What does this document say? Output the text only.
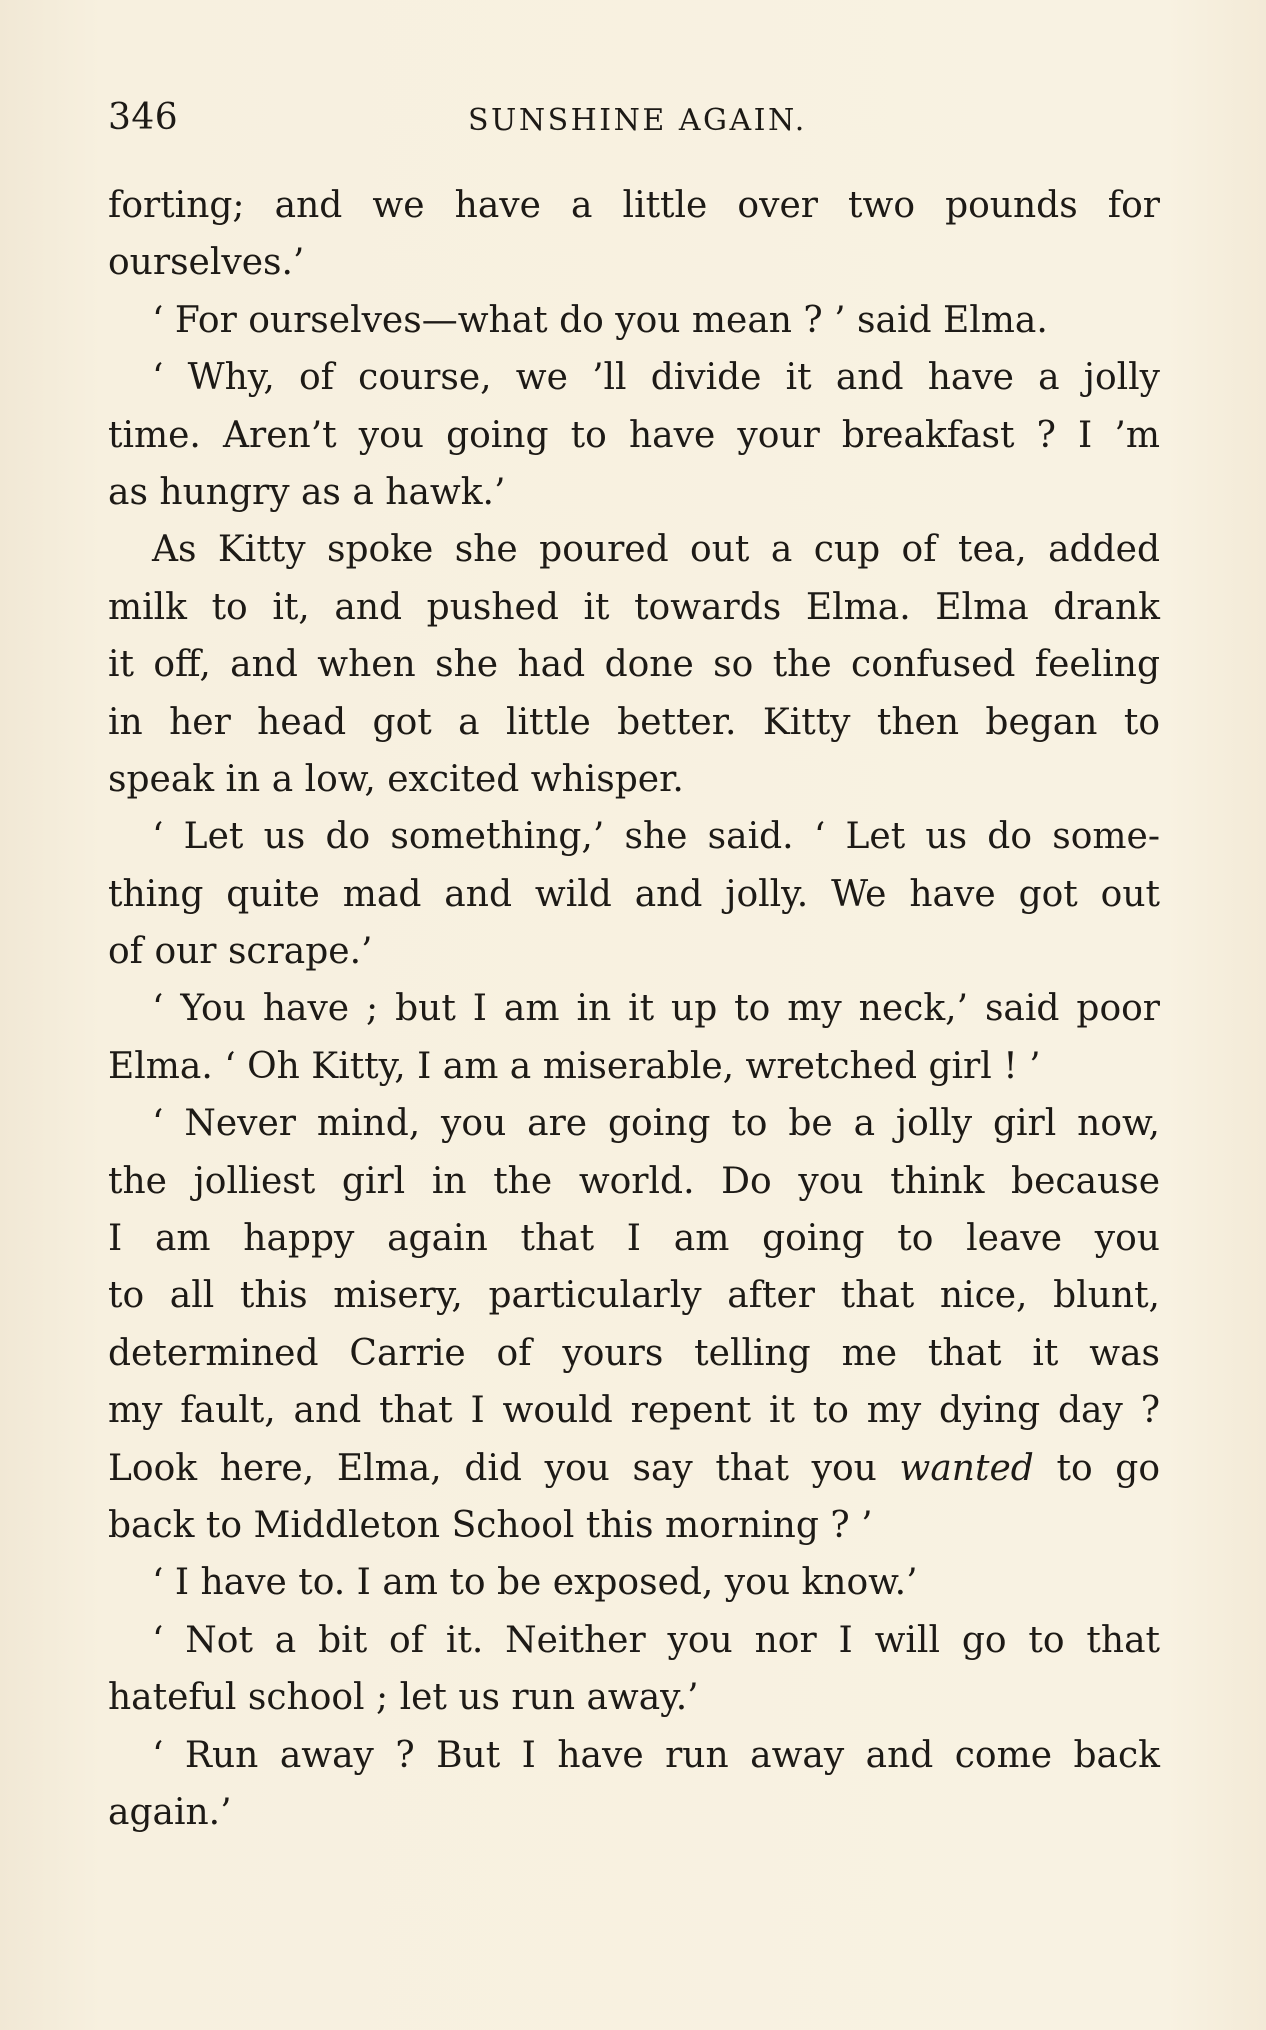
346	SUNSHINE AGAIN.
forting; and we have a little over two pounds for
ourselves.’
‘ For ourselves—what do you mean ? ’ said Elma.
‘ Why, of course, we ’ll divide it and have a jolly
time. Aren’t you going to have your breakfast ? I ’m
as hungry as a hawk.’
As Kitty spoke she poured out a cup of tea, added
milk to it, and pushed it towards Elma. Elma drank
it off, and when she had done so the confused feeling
in her head got a little better. Kitty then began to
speak in a low, excited whisper.
‘ Let us do something,’ she said. ‘ Let us do some-
thing quite mad and wild and jolly. We have got out
of our scrape.’
‘ You have ; but I am in it up to my neck,’ said poor
Elma. ‘ Oh Kitty, I am a miserable, wretched girl ! ’
‘ Never mind, you are going to be a jolly girl now,
the jolliest girl in the world. Do you think because
I am happy again that I am going to leave you
to all this misery, particularly after that nice, blunt,
determined Carrie of yours telling me that it was
my fault, and that I would repent it to my dying day ?
Look here, Elma, did you say that you wanted to go
back to Middleton School this morning ? ’
‘ I have to. I am to be exposed, you know.’
‘ Not a bit of it. Neither you nor I will go to that
hateful school ; let us run away.’
‘ Run away ? But I have run away and come back
again.’
